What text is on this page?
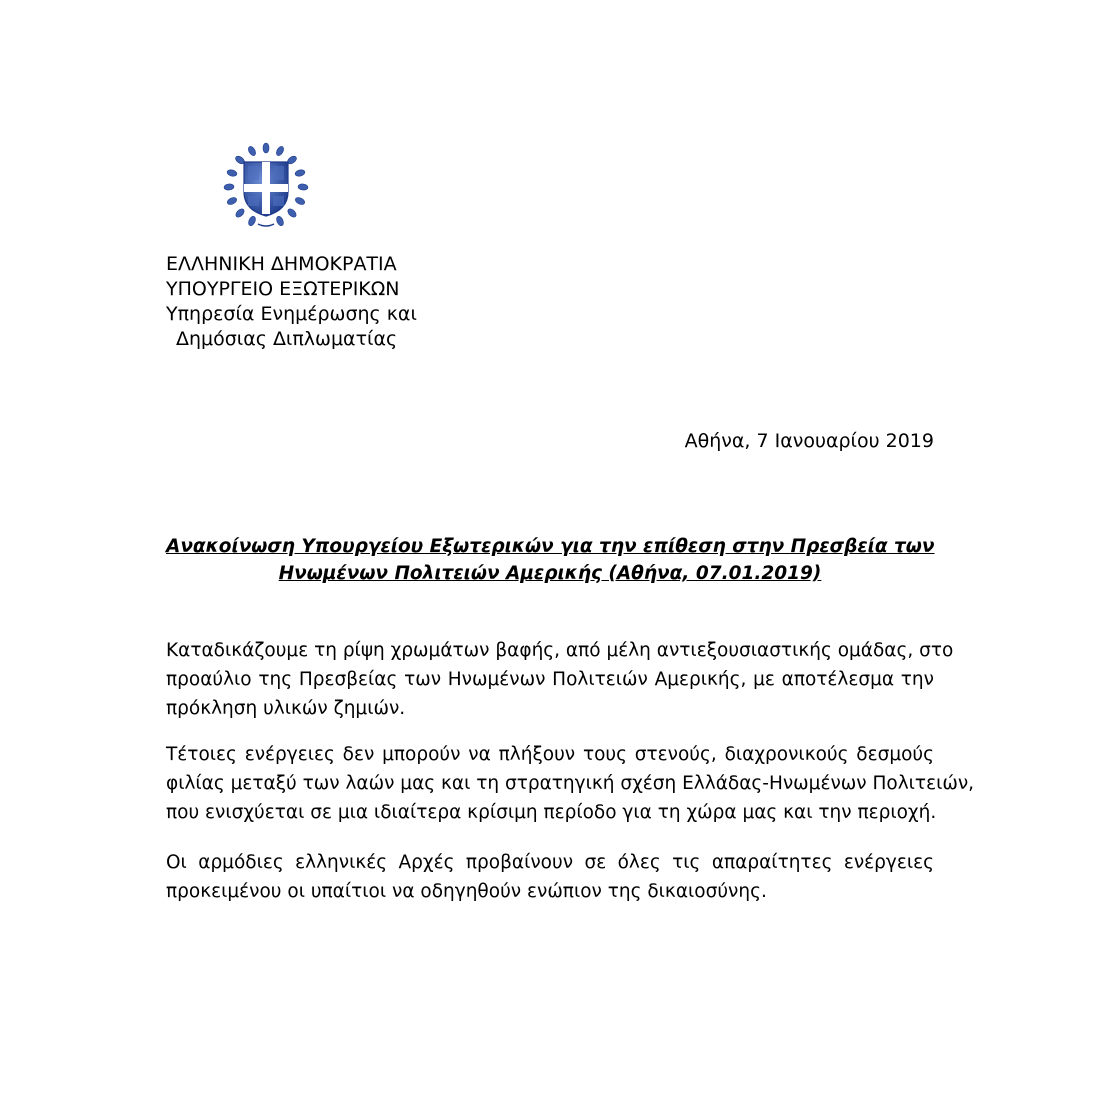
ΕΛΛΗΝΙΚΗ ΔΗΜΟΚΡΑΤΙΑ
ΥΠΟΥΡΓΕΙΟ ΕΞΩΤΕΡΙΚΩΝ
Υπηρεσία Ενημέρωσης και
Δημόσιας Διπλωματίας
Αθήνα, 7 Ιανουαρίου 2019
Ανακοίνωση Υπουργείου Εξωτερικών για την επίθεση στην Πρεσβεία των
Ηνωμένων Πολιτειών Αμερικής (Αθήνα, 07.01.2019)
Καταδικάζουμε τη ρίψη χρωμάτων βαφής, από μέλη αντιεξουσιαστικής ομάδας, στο
προαύλιο της Πρεσβείας των Ηνωμένων Πολιτειών Αμερικής, με αποτέλεσμα την
πρόκληση υλικών ζημιών.
Τέτοιες ενέργειες δεν μπορούν να πλήξουν τους στενούς, διαχρονικούς δεσμούς
φιλίας μεταξύ των λαών μας και τη στρατηγική σχέση Ελλάδας-Ηνωμένων Πολιτειών,
που ενισχύεται σε μια ιδιαίτερα κρίσιμη περίοδο για τη χώρα μας και την περιοχή.
Οι αρμόδιες ελληνικές Αρχές προβαίνουν σε όλες τις απαραίτητες ενέργειες
προκειμένου οι υπαίτιοι να οδηγηθούν ενώπιον της δικαιοσύνης.
